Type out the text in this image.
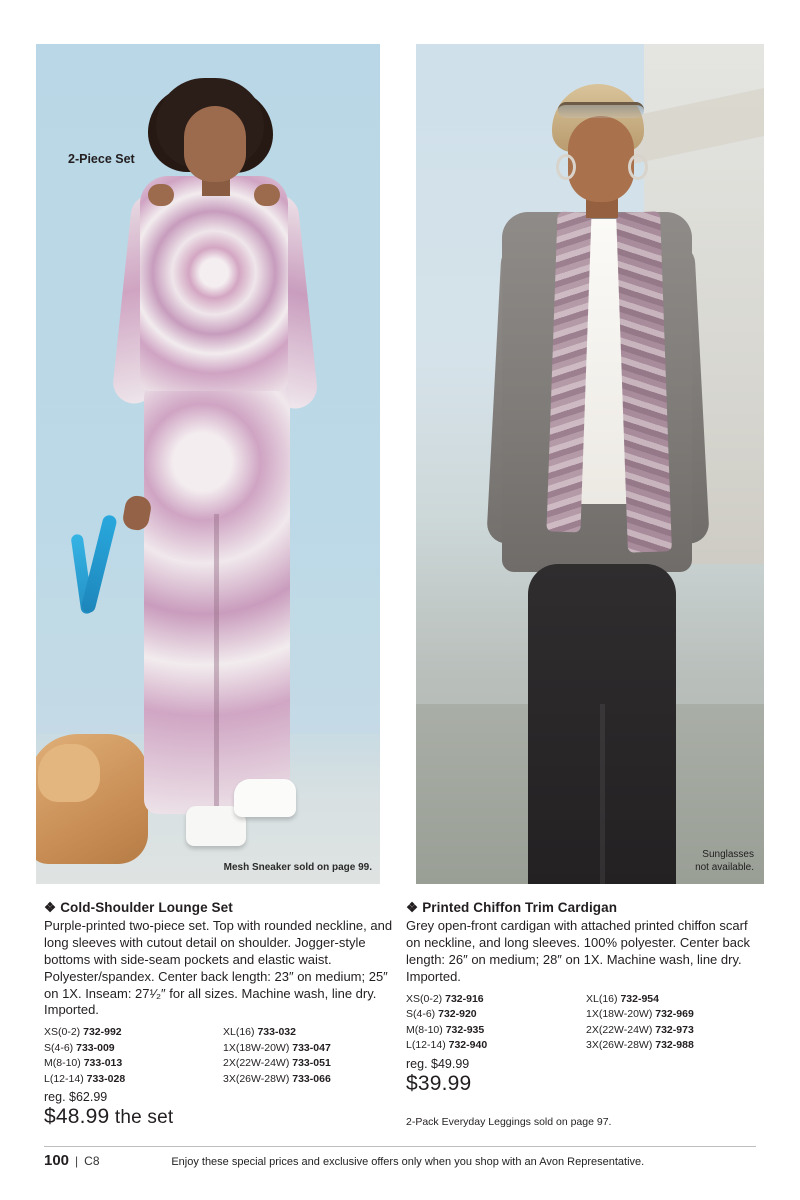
2-Piece Set
Mesh Sneaker sold on page 99.
Sunglasses
not available.

❖ Cold-Shoulder Lounge Set

Purple-printed two-piece set. Top with rounded neckline, and long sleeves with cutout detail on shoulder. Jogger-style bottoms with side-seam pockets and elastic waist. Polyester/spandex. Center back length: 23″ on medium; 25″ on 1X. Inseam: 27¹⁄₂″ for all sizes. Machine wash, line dry. Imported.

XS(0-2) 732-992	XL(16) 733-032
S(4-6) 733-009	1X(18W-20W) 733-047
M(8-10) 733-013	2X(22W-24W) 733-051
L(12-14) 733-028	3X(26W-28W) 733-066

reg. $62.99

$48.99 the set

❖ Printed Chiffon Trim Cardigan

Grey open-front cardigan with attached printed chiffon scarf on neckline, and long sleeves. 100% polyester. Center back length: 26″ on medium; 28″ on 1X. Machine wash, line dry. Imported.

XS(0-2) 732-916	XL(16) 732-954
S(4-6) 732-920	1X(18W-20W) 732-969
M(8-10) 732-935	2X(22W-24W) 732-973
L(12-14) 732-940	3X(26W-28W) 732-988

reg. $49.99

$39.99

2-Pack Everyday Leggings sold on page 97.

100 | C8	Enjoy these special prices and exclusive offers only when you shop with an Avon Representative.
